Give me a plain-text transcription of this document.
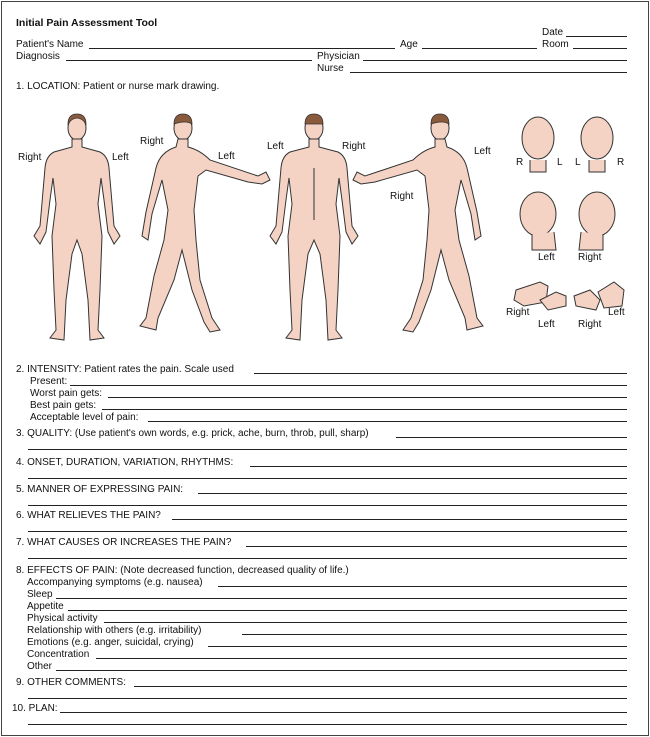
Initial Pain Assessment Tool
Date
Patient's Name	Age	Room
Diagnosis	Physician
Nurse
1. LOCATION: Patient or nurse mark drawing.
Right	Left
Right
Left
Left	Right	Left
Right
R	L L	R
Left Right
Right
Left Right
Left
2. INTENSITY: Patient rates the pain. Scale used
Present:
Worst pain gets:
Best pain gets:
Acceptable level of pain:
3. QUALITY: (Use patient's own words, e.g. prick, ache, burn, throb, pull, sharp)
4. ONSET, DURATION, VARIATION, RHYTHMS:
5. MANNER OF EXPRESSING PAIN:
6. WHAT RELIEVES THE PAIN?
7. WHAT CAUSES OR INCREASES THE PAIN?
8. EFFECTS OF PAIN: (Note decreased function, decreased quality of life.)
Accompanying symptoms (e.g. nausea)
Sleep
Appetite
Physical activity
Relationship with others (e.g. irritability)
Emotions (e.g. anger, suicidal, crying)
Concentration
Other
9. OTHER COMMENTS:
10. PLAN:
